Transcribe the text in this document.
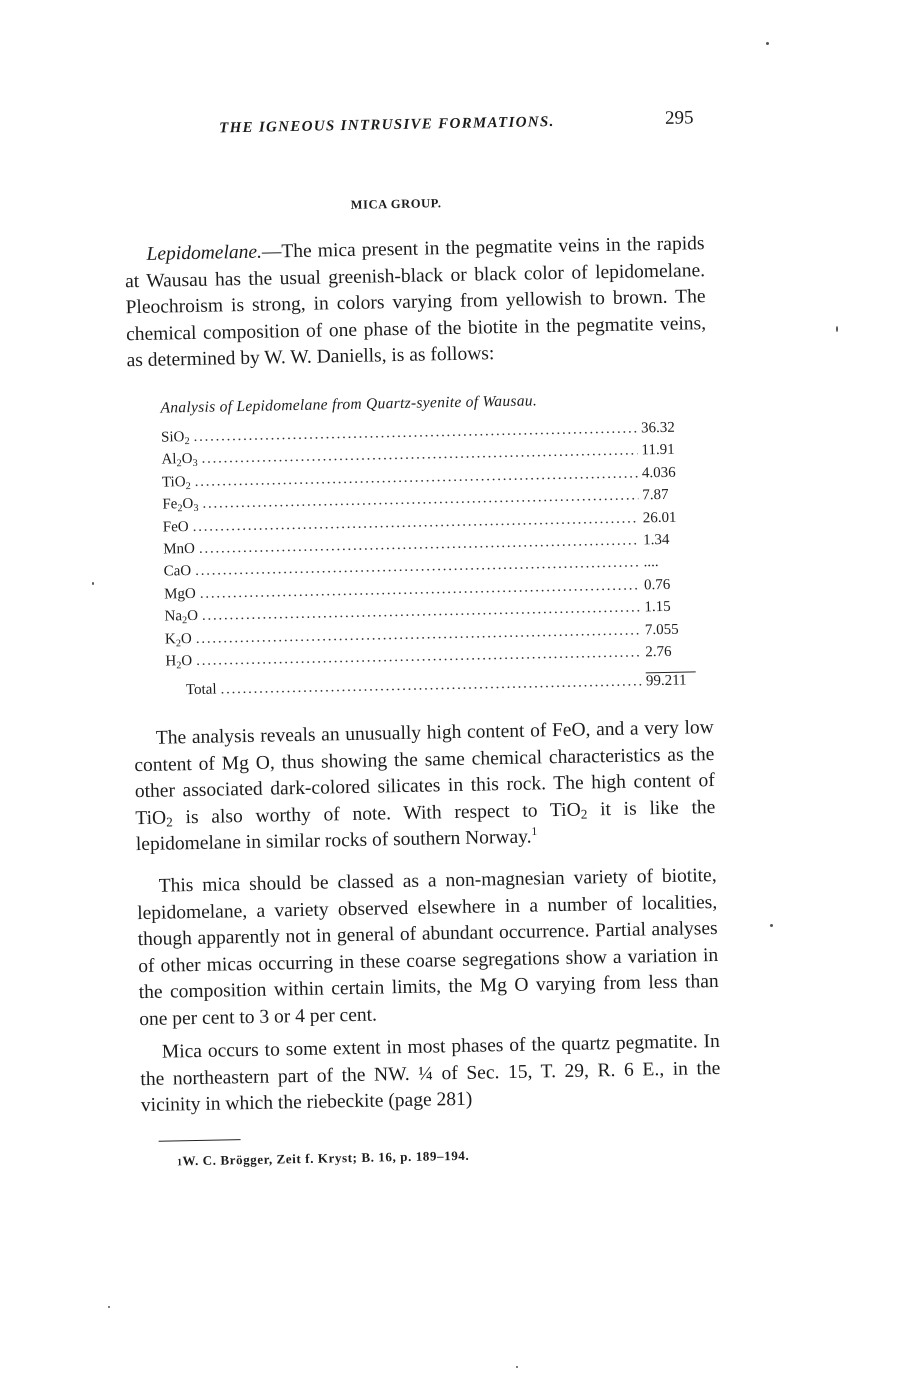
THE IGNEOUS INTRUSIVE FORMATIONS.	295
MICA GROUP.

Lepidomelane.—The mica present in the pegmatite veins in the rapids at Wausau has the usual greenish-black or black color of lepidomelane. Pleochroism is strong, in colors varying from yellowish to brown. The chemical composition of one phase of the biotite in the pegmatite veins, as determined by W. W. Daniells, is as follows:

Analysis of Lepidomelane from Quartz-syenite of Wausau.
SiO$_2$
. . .
36.32
$Al_2O_3$
. . .
11.91
TiO$_2$
. . .
4.036
$Fe_2O_3$
. . .
7.87
FeO
. . .
26.01
MnO
. . .
1.34
CaO
. . .
....
MgO
. . .
0.76
$Na_2O$
. . .
1.15
$K_2O$
. . .
7.055
$H_2O$
. . .
2.76
Total
. . .
99.211

The analysis reveals an unusually high content of FeO, and a very low content of Mg O, thus showing the same chemical characteristics as the other associated dark-colored silicates in this rock. The high content of TiO$_2$ is also worthy of note. With respect to TiO$_2$ it is like the lepidomelane in similar rocks of southern Norway.$^1$

This mica should be classed as a non-magnesian variety of biotite, lepidomelane, a variety observed elsewhere in a number of localities, though apparently not in general of abundant occurrence. Partial analyses of other micas occurring in these coarse segregations show a variation in the composition within certain limits, the Mg O varying from less than one per cent to 3 or 4 per cent.

Mica occurs to some extent in most phases of the quartz pegmatite. In the northeastern part of the NW. ¼ of Sec. 15, T. 29, R. 6 E., in the vicinity in which the riebeckite (page 281)

1W. C. Brögger, Zeit f. Kryst; B. 16, p. 189–194.
